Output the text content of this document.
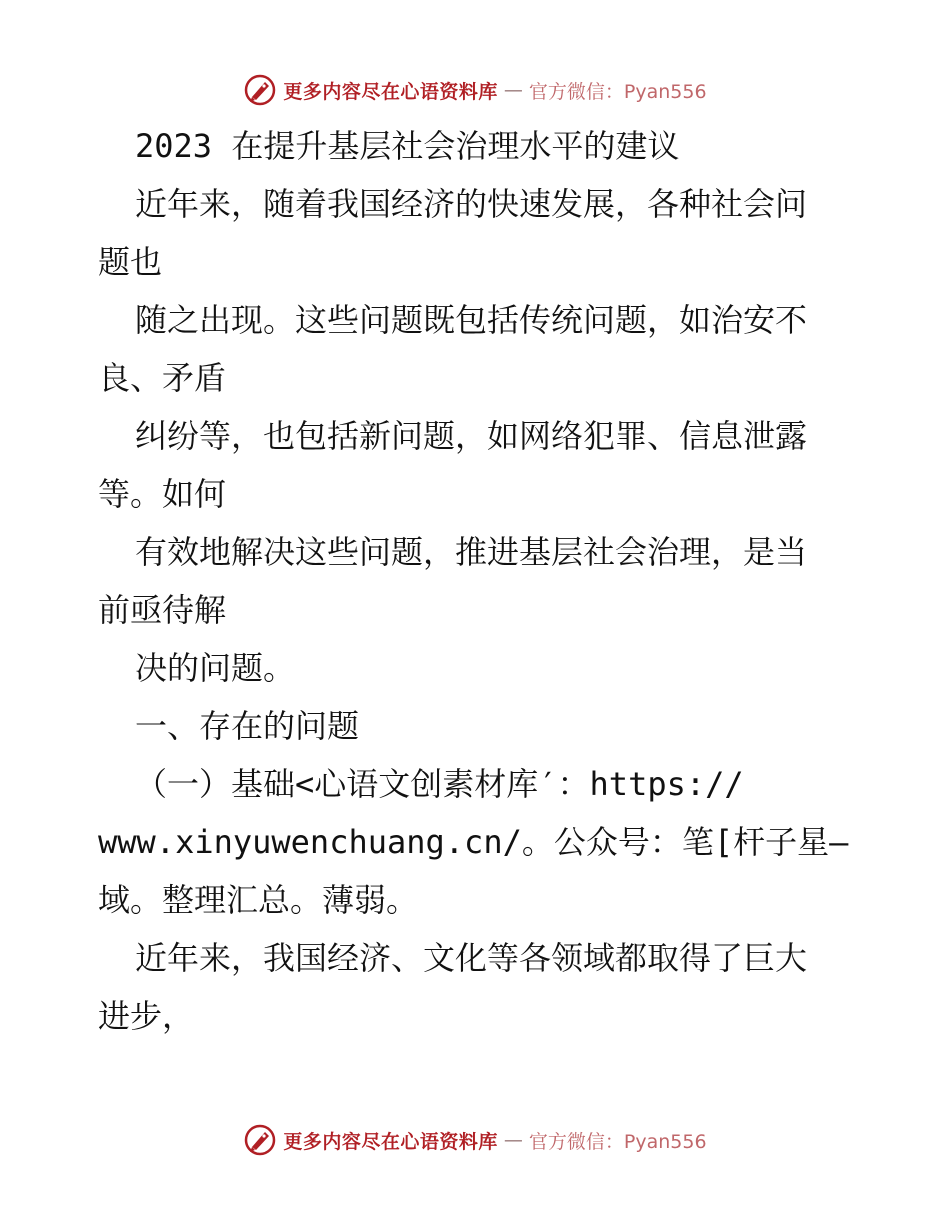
更多内容尽在心语资料库 — 官方微信：Pyan556
2023 在提升基层社会治理水平的建议
近年来，随着我国经济的快速发展，各种社会问
题也
随之出现。这些问题既包括传统问题，如治安不
良、矛盾
纠纷等，也包括新问题，如网络犯罪、信息泄露
等。如何
有效地解决这些问题，推进基层社会治理，是当
前亟待解
决的问题。
一、存在的问题
（一）基础<心语文创素材库′：https://
www.xinyuwenchuang.cn/。公众号：笔[杆子星—
域。整理汇总。薄弱。
近年来，我国经济、文化等各领域都取得了巨大
进步，
更多内容尽在心语资料库 — 官方微信：Pyan556
